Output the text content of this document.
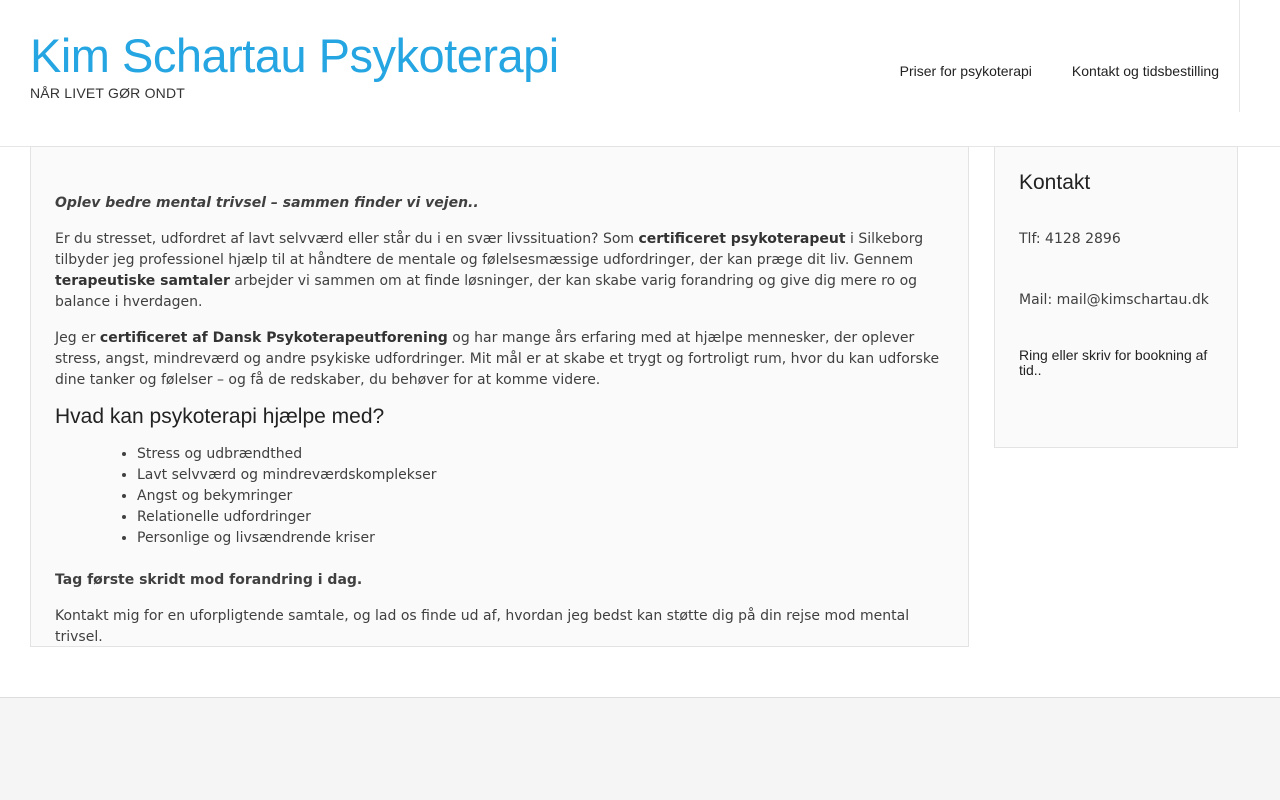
Kim Schartau Psykoterapi
NÅR LIVET GØR ONDT
Priser for psykoterapi	Kontakt og tidsbestilling

Oplev bedre mental trivsel – sammen finder vi vejen..

Er du stresset, udfordret af lavt selvværd eller står du i en svær livssituation? Som certificeret psykoterapeut i Silkeborg tilbyder jeg professionel hjælp til at håndtere de mentale og følelsesmæssige udfordringer, der kan præge dit liv. Gennem terapeutiske samtaler arbejder vi sammen om at finde løsninger, der kan skabe varig forandring og give dig mere ro og balance i hverdagen.

Jeg er certificeret af Dansk Psykoterapeutforening og har mange års erfaring med at hjælpe mennesker, der oplever stress, angst, mindreværd og andre psykiske udfordringer. Mit mål er at skabe et trygt og fortroligt rum, hvor du kan udforske dine tanker og følelser – og få de redskaber, du behøver for at komme videre.

Hvad kan psykoterapi hjælpe med?
• Stress og udbrændthed
• Lavt selvværd og mindreværdskomplekser
• Angst og bekymringer
• Relationelle udfordringer
• Personlige og livsændrende kriser

Tag første skridt mod forandring i dag.

Kontakt mig for en uforpligtende samtale, og lad os finde ud af, hvordan jeg bedst kan støtte dig på din rejse mod mental trivsel.

Kontakt

Tlf: 4128 2896

Mail: mail@kimschartau.dk

Ring eller skriv for bookning af tid..
